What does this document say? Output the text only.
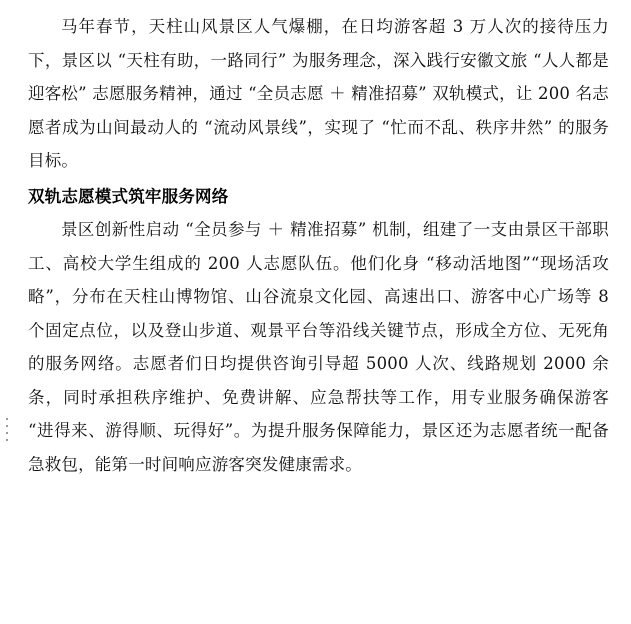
马年春节，天柱山风景区人气爆棚，在日均游客超 3 万人次的接待压力下，景区以 “天柱有助，一路同行” 为服务理念，深入践行安徽文旅 “人人都是迎客松” 志愿服务精神，通过 “全员志愿 ＋ 精准招募” 双轨模式，让 200 名志愿者成为山间最动人的 “流动风景线”，实现了 “忙而不乱、秩序井然” 的服务目标。

双轨志愿模式筑牢服务网络

景区创新性启动 “全员参与 ＋ 精准招募” 机制，组建了一支由景区干部职工、高校大学生组成的 200 人志愿队伍。他们化身 “移动活地图”“现场活攻略”，分布在天柱山博物馆、山谷流泉文化园、高速出口、游客中心广场等 8 个固定点位，以及登山步道、观景平台等沿线关键节点，形成全方位、无死角的服务网络。志愿者们日均提供咨询引导超 5000 人次、线路规划 2000 余条，同时承担秩序维护、免费讲解、应急帮扶等工作，用专业服务确保游客 “进得来、游得顺、玩得好”。为提升服务保障能力，景区还为志愿者统一配备急救包，能第一时间响应游客突发健康需求。
